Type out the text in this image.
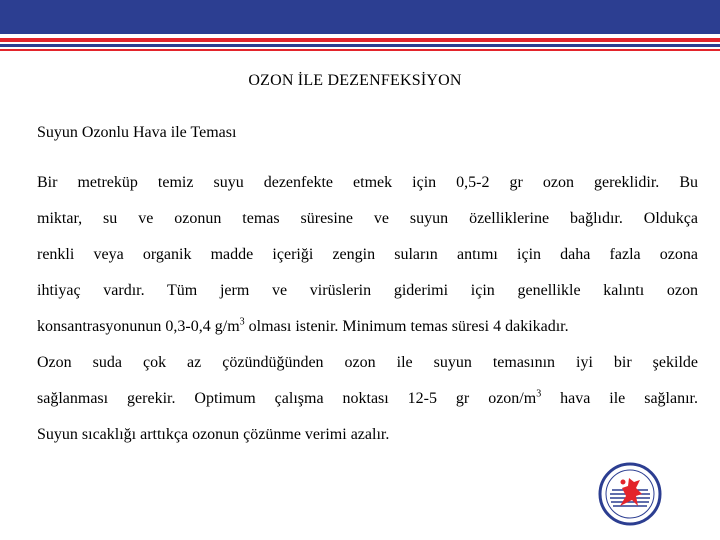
OZON İLE DEZENFEKSİYON
Suyun Ozonlu Hava ile Teması
Bir metreküp temiz suyu dezenfekte etmek için 0,5-2 gr ozon gereklidir. Bu
miktar, su ve ozonun temas süresine ve suyun özelliklerine bağlıdır. Oldukça
renkli veya organik madde içeriği zengin suların antımı için daha fazla ozona
ihtiyaç vardır. Tüm jerm ve virüslerin giderimi için genellikle kalıntı ozon
konsantrasyonunun 0,3-0,4 $g/m^3$ olması istenir. Minimum temas süresi 4 dakikadır.
Ozon suda çok az çözündüğünden ozon ile suyun temasının iyi bir şekilde
sağlanması gerekir. Optimum çalışma noktası 12-5 gr ozon/$m^3$ hava ile sağlanır.
Suyun sıcaklığı arttıkça ozonun çözünme verimi azalır.
